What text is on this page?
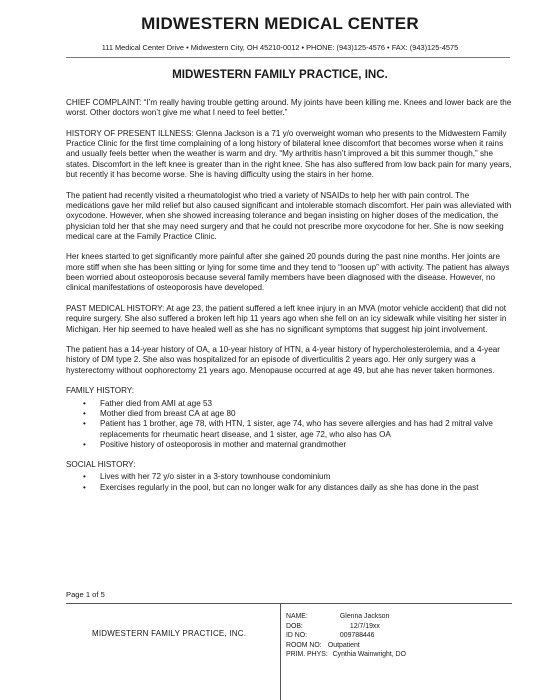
MIDWESTERN MEDICAL CENTER
111 Medical Center Drive • Midwestern City, OH 45210-0012 • PHONE: (943)125-4576 • FAX: (943)125-4575
MIDWESTERN FAMILY PRACTICE, INC.

CHIEF COMPLAINT: “I’m really having trouble getting around. My joints have been killing me. Knees and lower back are the worst. Other doctors won’t give me what I need to feel better.”

HISTORY OF PRESENT ILLNESS: Glenna Jackson is a 71 y/o overweight woman who presents to the Midwestern Family Practice Clinic for the first time complaining of a long history of bilateral knee discomfort that becomes worse when it rains and usually feels better when the weather is warm and dry. “My arthritis hasn’t improved a bit this summer though,” she states. Discomfort in the left knee is greater than in the right knee. She has also suffered from low back pain for many years, but recently it has become worse. She is having difficulty using the stairs in her home.

The patient had recently visited a rheumatologist who tried a variety of NSAIDs to help her with pain control. The medications gave her mild relief but also caused significant and intolerable stomach discomfort. Her pain was alleviated with oxycodone. However, when she showed increasing tolerance and began insisting on higher doses of the medication, the physician told her that she may need surgery and that he could not prescribe more oxycodone for her. She is now seeking medical care at the Family Practice Clinic.

Her knees started to get significantly more painful after she gained 20 pounds during the past nine months. Her joints are more stiff when she has been sitting or lying for some time and they tend to “loosen up” with activity. The patient has always been worried about osteoporosis because several family members have been diagnosed with the disease. However, no clinical manifestations of osteoporosis have developed.

PAST MEDICAL HISTORY: At age 23, the patient suffered a left knee injury in an MVA (motor vehicle accident) that did not require surgery. She also suffered a broken left hip 11 years ago when she fell on an icy sidewalk while visiting her sister in Michigan. Her hip seemed to have healed well as she has no significant symptoms that suggest hip joint involvement.

The patient has a 14-year history of OA, a 10-year history of HTN, a 4-year history of hypercholesterolemia, and a 4-year history of DM type 2. She also was hospitalized for an episode of diverticulitis 2 years ago. Her only surgery was a hysterectomy without oophorectomy 21 years ago. Menopause occurred at age 49, but ahe has never taken hormones.

FAMILY HISTORY:

• Father died from AMI at age 53
• Mother died from breast CA at age 80
• Patient has 1 brother, age 78, with HTN, 1 sister, age 74, who has severe allergies and has had 2 mitral valve replacements for rheumatic heart disease, and 1 sister, age 72, who also has OA
• Positive history of osteoporosis in mother and maternal grandmother

SOCIAL HISTORY:

• Lives with her 72 y/o sister in a 3-story townhouse condominium
• Exercises regularly in the pool, but can no longer walk for any distances daily as she has done in the past
Page 1 of 5
MIDWESTERN FAMILY PRACTICE, INC.
NAME:	Glenna Jackson
DOB:	12/7/19xx
ID NO:	009788446
ROOM NO: Outpatient
PRIM. PHYS: Cynthia Wainwright, DO
